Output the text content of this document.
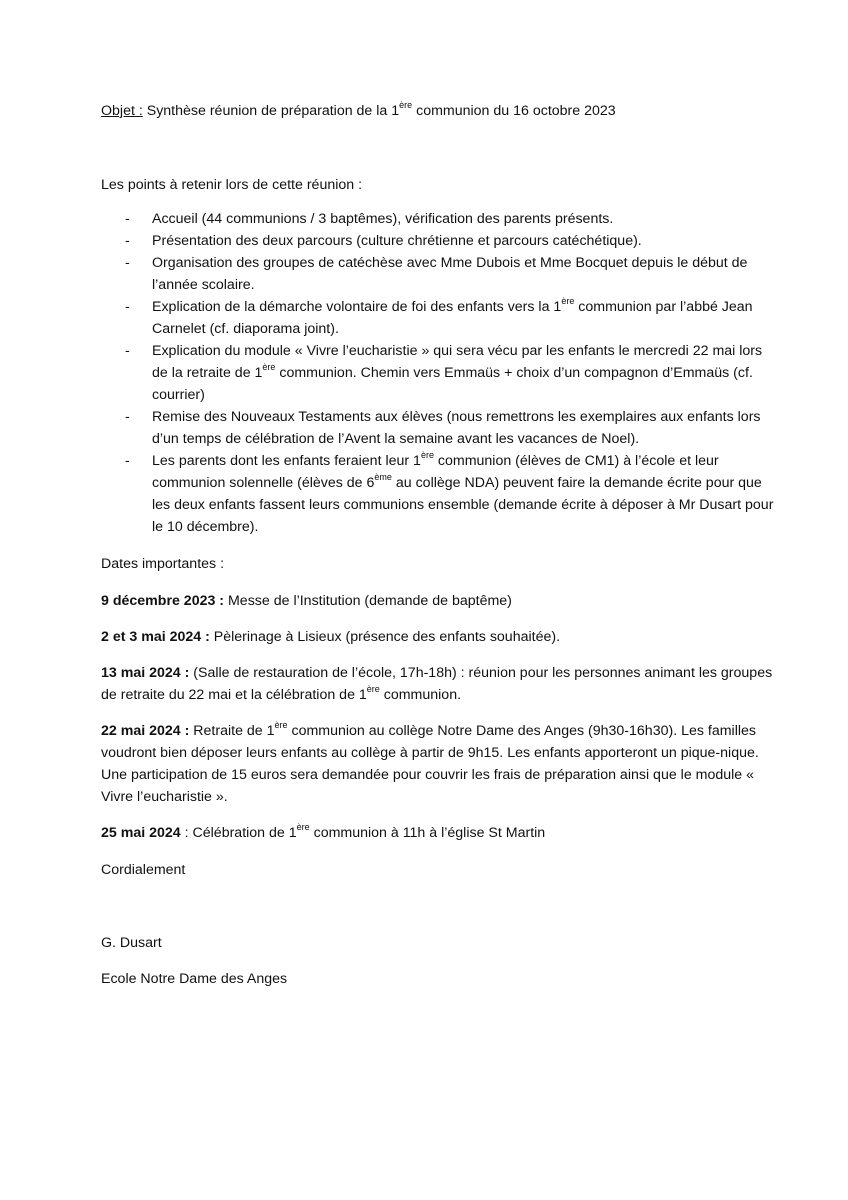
Objet : Synthèse réunion de préparation de la 1ère communion du 16 octobre 2023

Les points à retenir lors de cette réunion :

- Accueil (44 communions / 3 baptêmes), vérification des parents présents.
- Présentation des deux parcours (culture chrétienne et parcours catéchétique).
- Organisation des groupes de catéchèse avec Mme Dubois et Mme Bocquet depuis le début de l’année scolaire.
- Explication de la démarche volontaire de foi des enfants vers la 1ère communion par l’abbé Jean Carnelet (cf. diaporama joint).
- Explication du module « Vivre l’eucharistie » qui sera vécu par les enfants le mercredi 22 mai lors de la retraite de 1ère communion. Chemin vers Emmaüs + choix d’un compagnon d’Emmaüs (cf. courrier)
- Remise des Nouveaux Testaments aux élèves (nous remettrons les exemplaires aux enfants lors d’un temps de célébration de l’Avent la semaine avant les vacances de Noel).
- Les parents dont les enfants feraient leur 1ère communion (élèves de CM1) à l’école et leur communion solennelle (élèves de 6ème au collège NDA) peuvent faire la demande écrite pour que les deux enfants fassent leurs communions ensemble (demande écrite à déposer à Mr Dusart pour le 10 décembre).

Dates importantes :

9 décembre 2023 : Messe de l’Institution (demande de baptême)

2 et 3 mai 2024 : Pèlerinage à Lisieux (présence des enfants souhaitée).

13 mai 2024 : (Salle de restauration de l’école, 17h-18h) : réunion pour les personnes animant les groupes de retraite du 22 mai et la célébration de 1ère communion.

22 mai 2024 : Retraite de 1ère communion au collège Notre Dame des Anges (9h30-16h30). Les familles voudront bien déposer leurs enfants au collège à partir de 9h15. Les enfants apporteront un pique-nique. Une participation de 15 euros sera demandée pour couvrir les frais de préparation ainsi que le module « Vivre l’eucharistie ».

25 mai 2024 : Célébration de 1ère communion à 11h à l’église St Martin

Cordialement

G. Dusart

Ecole Notre Dame des Anges
